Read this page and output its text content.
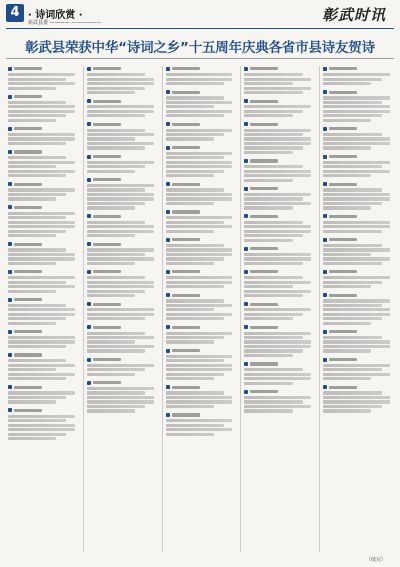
4 · 诗词欣赏 ·
彰武县委 ———— ——————	彰武时讯
彰武县荣获中华“诗词之乡”十五周年庆典各省市县诗友贺诗
（续完）
